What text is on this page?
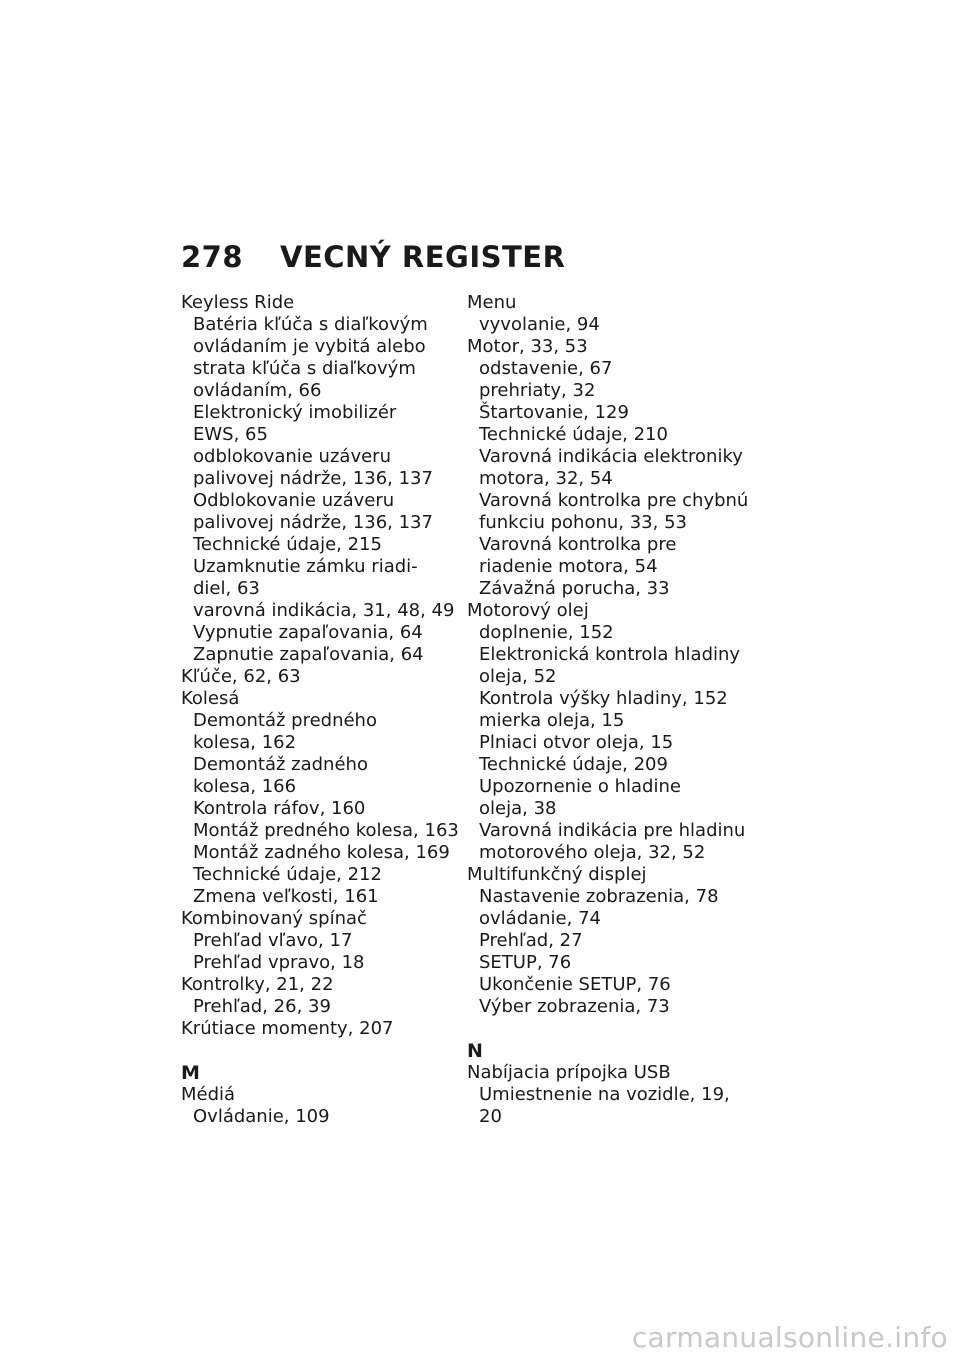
278	VECNÝ REGISTER
Keyless Ride
Batéria kľúča s diaľkovým
ovládaním je vybitá alebo
strata kľúča s diaľkovým
ovládaním, 66
Elektronický imobilizér
EWS, 65
odblokovanie uzáveru
palivovej nádrže, 136, 137
Odblokovanie uzáveru
palivovej nádrže, 136, 137
Technické údaje, 215
Uzamknutie zámku riadi-
diel, 63
varovná indikácia, 31, 48, 49
Vypnutie zapaľovania, 64
Zapnutie zapaľovania, 64
Kľúče, 62, 63
Kolesá
Demontáž predného
kolesa, 162
Demontáž zadného
kolesa, 166
Kontrola ráfov, 160
Montáž predného kolesa, 163
Montáž zadného kolesa, 169
Technické údaje, 212
Zmena veľkosti, 161
Kombinovaný spínač
Prehľad vľavo, 17
Prehľad vpravo, 18
Kontrolky, 21, 22
Prehľad, 26, 39
Krútiace momenty, 207
M
Médiá
Ovládanie, 109
Menu
vyvolanie, 94
Motor, 33, 53
odstavenie, 67
prehriaty, 32
Štartovanie, 129
Technické údaje, 210
Varovná indikácia elektroniky
motora, 32, 54
Varovná kontrolka pre chybnú
funkciu pohonu, 33, 53
Varovná kontrolka pre
riadenie motora, 54
Závažná porucha, 33
Motorový olej
doplnenie, 152
Elektronická kontrola hladiny
oleja, 52
Kontrola výšky hladiny, 152
mierka oleja, 15
Plniaci otvor oleja, 15
Technické údaje, 209
Upozornenie o hladine
oleja, 38
Varovná indikácia pre hladinu
motorového oleja, 32, 52
Multifunkčný displej
Nastavenie zobrazenia, 78
ovládanie, 74
Prehľad, 27
SETUP, 76
Ukončenie SETUP, 76
Výber zobrazenia, 73
N
Nabíjacia prípojka USB
Umiestnenie na vozidle, 19,
20
carmanualsonline.info
